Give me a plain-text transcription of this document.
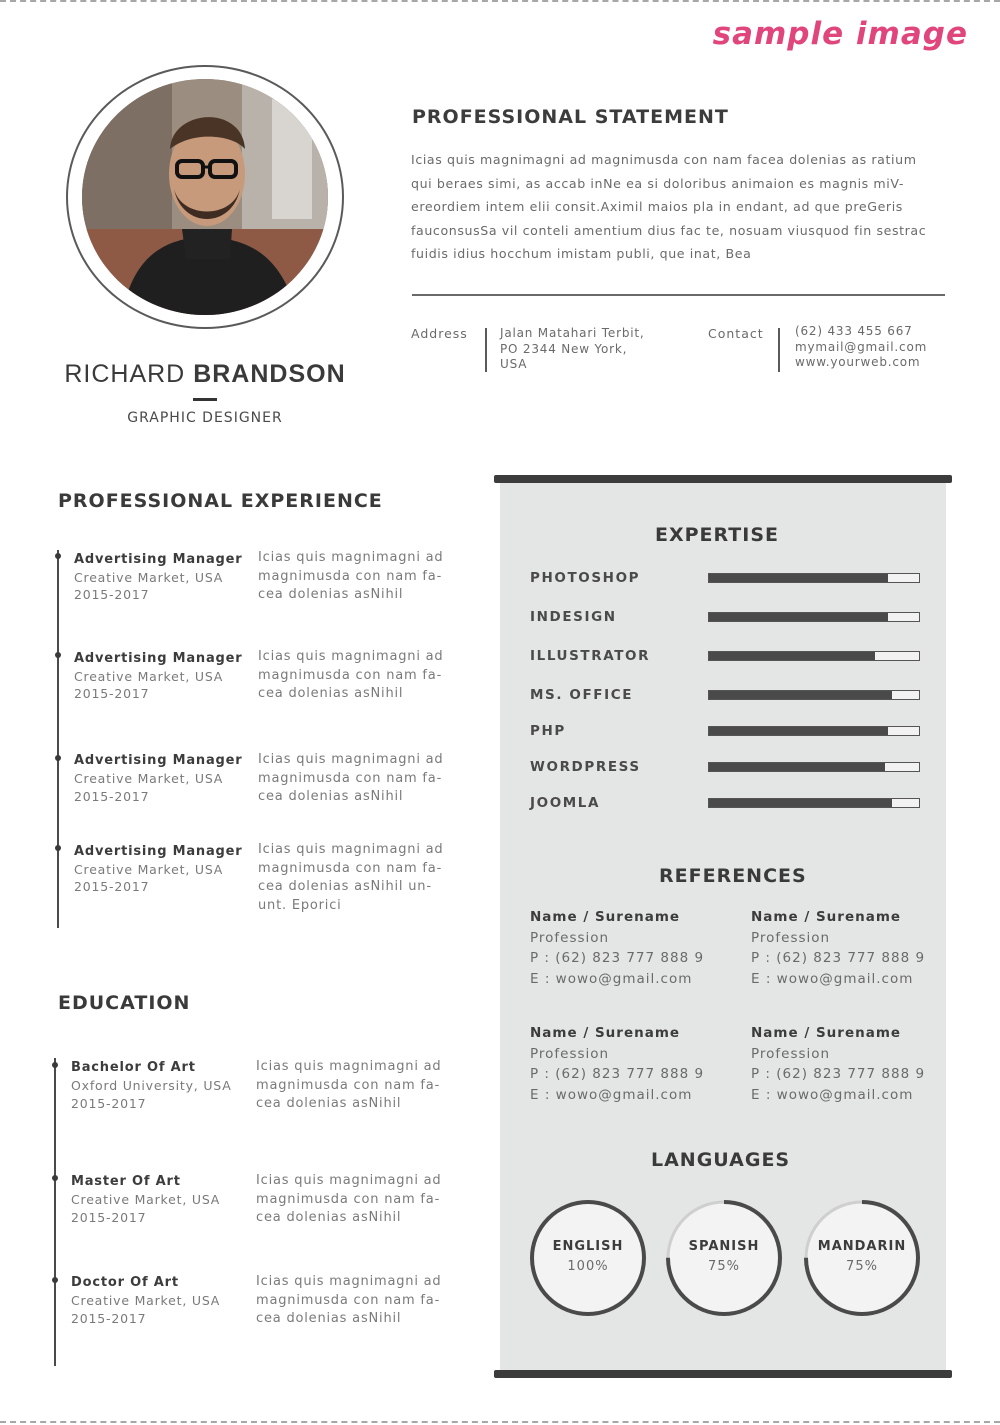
sample image
RICHARD BRANDSON
GRAPHIC DESIGNER
PROFESSIONAL STATEMENT
Icias quis magnimagni ad magnimusda con nam facea dolenias as ratium
qui beraes simi, as accab inNe ea si doloribus animaion es magnis miV-
ereordiem intem elii consit.Aximil maios pla in endant, ad que preGeris
fauconsusSa vil conteli amentium dius fac te, nosuam viusquod fin sestrac
fuidis idius hocchum imistam publi, que inat, Bea
Address	Jalan Matahari Terbit,
PO 2344 New York,
USA
Contact	(62) 433 455 667
mymail@gmail.com
www.yourweb.com
PROFESSIONAL EXPERIENCE
Advertising Manager
Creative Market, USA
2015-2017
Icias quis magnimagni ad
magnimusda con nam fa-
cea dolenias asNihil
Advertising Manager
Creative Market, USA
2015-2017
Icias quis magnimagni ad
magnimusda con nam fa-
cea dolenias asNihil
Advertising Manager
Creative Market, USA
2015-2017
Icias quis magnimagni ad
magnimusda con nam fa-
cea dolenias asNihil
Advertising Manager
Creative Market, USA
2015-2017
Icias quis magnimagni ad
magnimusda con nam fa-
cea dolenias asNihil un-
unt. Eporici
EDUCATION
Bachelor Of Art
Oxford University, USA
2015-2017
Icias quis magnimagni ad
magnimusda con nam fa-
cea dolenias asNihil
Master Of Art
Creative Market, USA
2015-2017
Icias quis magnimagni ad
magnimusda con nam fa-
cea dolenias asNihil
Doctor Of Art
Creative Market, USA
2015-2017
Icias quis magnimagni ad
magnimusda con nam fa-
cea dolenias asNihil
EXPERTISE
PHOTOSHOP
INDESIGN
ILLUSTRATOR
MS. OFFICE
PHP
WORDPRESS
JOOMLA
REFERENCES
Name / Surename
Profession
P : (62) 823 777 888 9
E : wowo@gmail.com
Name / Surename
Profession
P : (62) 823 777 888 9
E : wowo@gmail.com
Name / Surename
Profession
P : (62) 823 777 888 9
E : wowo@gmail.com
Name / Surename
Profession
P : (62) 823 777 888 9
E : wowo@gmail.com
LANGUAGES
ENGLISH
100%
SPANISH
75%
MANDARIN
75%
